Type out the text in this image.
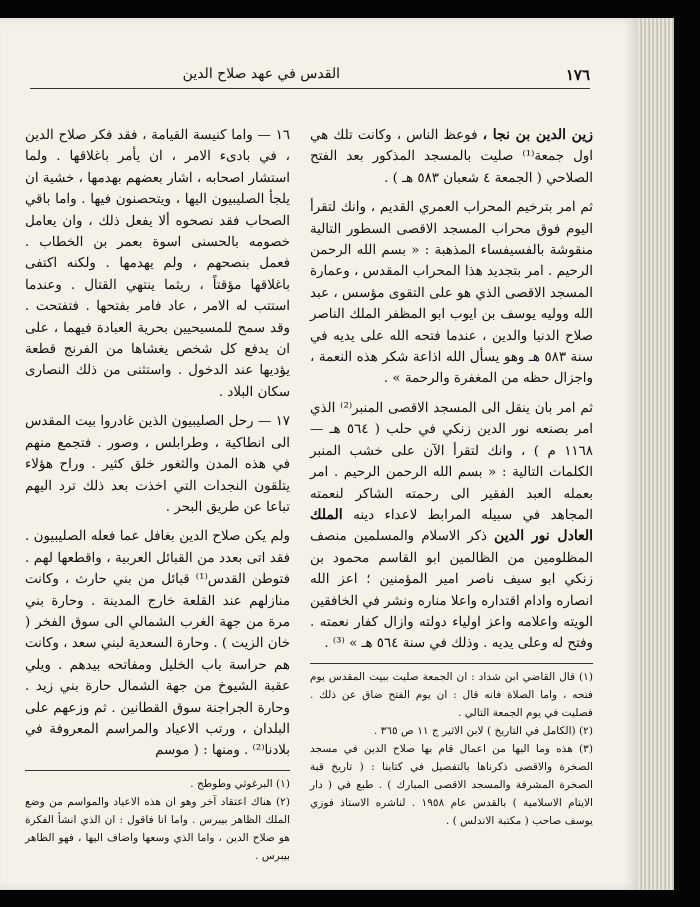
١٧٦
القدس في عهد صلاح الدين

زين الدين بن نجا ، فوعظ الناس ، وكانت تلك هي اول جمعة⁽¹⁾ صليت بالمسجد المذكور بعد الفتح الصلاحي ( الجمعة ٤ شعبان ٥٨٣ هـ ) .

ثم امر بترخيم المحراب العمري القديم ، وانك لتقرأ اليوم فوق محراب المسجد الاقصى السطور التالية منقوشة بالفسيفساء المذهبة : « بسم الله الرحمن الرحيم . امر بتجديد هذا المحراب المقدس ، وعمارة المسجد الاقصى الذي هو على التقوى مؤسس ، عبد الله ووليه يوسف بن ايوب ابو المظفر الملك الناصر صلاح الدنيا والدين ، عندما فتحه الله على يديه في سنة ٥٨٣ هـ وهو يسأل الله اذاعة شكر هذه النعمة ، واجزال حظه من المغفرة والرحمة » .

ثم امر بان ينقل الى المسجد الاقصى المنبر⁽²⁾ الذي امر بصنعه نور الدين زنكي في حلب ( ٥٦٤ هـ — ١١٦٨ م ) ، وانك لتقرأ الآن على خشب المنبر الكلمات التالية : « بسم الله الرحمن الرحيم . امر بعمله العبد الفقير الى رحمته الشاكر لنعمته المجاهد في سبيله المرابط لاعداء دينه الملك العادل نور الدين ذكر الاسلام والمسلمين منصف المظلومين من الظالمين ابو القاسم محمود بن زنكي ابو سيف ناصر امير المؤمنين ؛ اعز الله انصاره وادام اقتداره واعلا مناره ونشر في الخافقين الويته واعلامه واعز اولياء دولته وازال كفار نعمته . وفتح له وعلى يديه . وذلك في سنة ٥٦٤ هـ » ⁽³⁾ .

(١) قال القاضي ابن شداد : ان الجمعة صليت ببيت المقدس يوم فتحه ، واما الصلاة فانه قال : ان يوم الفتح ضاق عن ذلك . فصليت في يوم الجمعة التالي .
(٢) (الكامل في التاريخ ) لابن الاثير ج ١١ ص ٣٦٥ .
(٣) هذه وما اليها من اعمال قام بها صلاح الدين في مسجد الصخرة والاقصى ذكرناها بالتفصيل في كتابنا : ( تاريخ قبة الصخرة المشرفة والمسجد الاقصى المبارك ) . طبع في ( دار الايتام الاسلامية ) بالقدس عام ١٩٥٨ . لناشره الاستاذ فوزي يوسف صاحب ( مكتبة الاندلس ) .

١٦ — واما كنيسة القيامة ، فقد فكر صلاح الدين ، في بادىء الامر ، ان يأمر باغلاقها . ولما استشار اصحابه ، اشار بعضهم بهدمها ، خشية ان يلجأ الصليبيون اليها ، ويتحصنون فيها . واما باقي الصحاب فقد نصحوه ألا يفعل ذلك ، وان يعامل خصومه بالحسنى اسوة بعمر بن الخطاب . فعمل بنصحهم ، ولم يهدمها . ولكنه اكتفى باغلاقها مؤقتاً ، ريثما ينتهي القتال . وعندما استتب له الامر ، عاد فامر بفتحها . فتفتحت . وقد سمح للمسيحيين بحرية العبادة فيهما ، على ان يدفع كل شخص يغشاها من الفرنج قطعة يؤديها عند الدخول . واستثنى من ذلك النصارى سكان البلاد .

١٧ — رحل الصليبيون الذين غادروا بيت المقدس الى انطاكية ، وطرابلس ، وصور . فتجمع منهم في هذه المدن والثغور خلق كثير . وراح هؤلاء يتلقون النجدات التي اخذت بعد ذلك ترد اليهم تباعا عن طريق البحر .

ولم يكن صلاح الدين بغافل عما فعله الصليبيون . فقد اتى بعدد من القبائل العربية ، واقطعها لهم . فتوطن القدس⁽¹⁾ قبائل من بني حارث ، وكانت منازلهم عند القلعة خارج المدينة . وحارة بني مرة من جهة الغرب الشمالي الى سوق الفخر ( خان الزيت ) . وحارة السعدية لبني سعد ، وكانت هم حراسة باب الخليل ومفاتحه بيدهم . ويلي عقبة الشيوخ من جهة الشمال حارة بني زيد . وحارة الجراجنة سوق القطانين . ثم وزعهم على البلدان ، ورتب الاعياد والمراسم المعروفة في بلادنا⁽²⁾ . ومنها : ( موسم

(١) البرغوثي وطوطح .
(٢) هناك اعتقاد آخر وهو ان هذه الاعياد والمواسم من وضع الملك الظاهر بيبرس . واما انا فاقول : ان الذي انشأ الفكرة هو صلاح الدين ، واما الذي وسعها واضاف اليها ، فهو الظاهر بيبرس .
